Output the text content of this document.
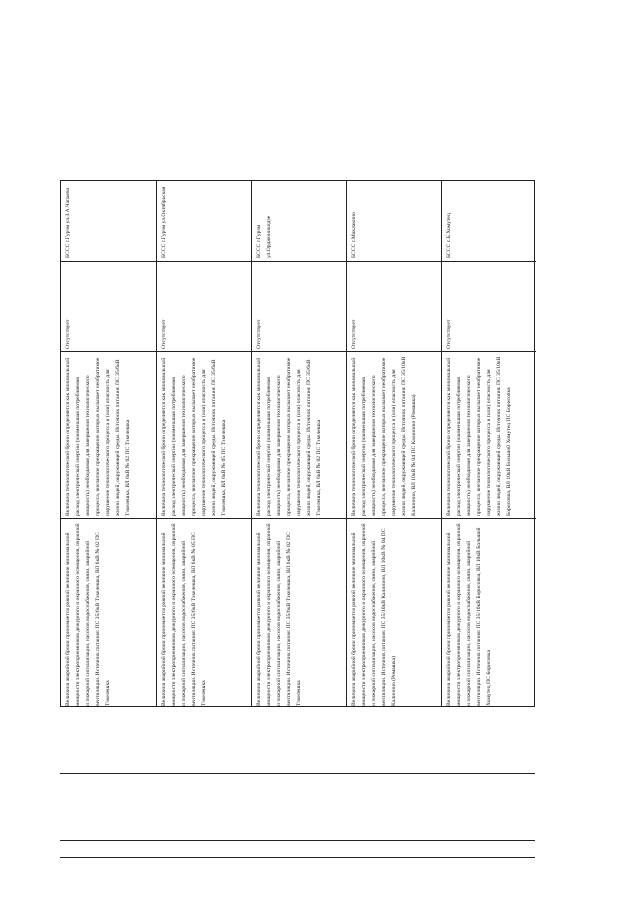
БССС г.Гурзм ул.З.А.Чапаева
Отсутствует
Величина технологической брони определяется как минимальный расход электрической энергии (наименьшая потребляемая мощность) необходимая для завершения технологического процесса, внезапное прекращение которых вызывает необратимое нарушение технологического процесса и (или) опасность для жизни людей, окружающей среды. Источник питания: ПС 35/6кВ Тэкелешка, ВЛ 6кВ № 02 ПС Тэкелешка
Величина аварийной брони принимается равной величине минимальной мощности электроприемников дежурного и охранного освещения, охранной и пожарной сигнализации, насосов водоснабжения, связи, аварийной вентиляции. Источник питания: ПС 35/6кВ Тэкелешка, ВЛ 6кВ № 02 ПС Тэкелешка
БССС г.Гурзм ул.Октябрьская
Отсутствует
Величина технологической брони определяется как минимальный расход электрической энергии (наименьшая потребляемая мощность) необходимая для завершения технологического процесса, внезапное прекращение которых вызывает необратимое нарушение технологического процесса и (или) опасность для жизни людей, окружающей среды. Источник питания: ПС 35/6кВ Тэкелешка, ВЛ 6кВ № 05 ПС Тэкелешка
Величина аварийной брони принимается равной величине минимальной мощности электроприемников дежурного и охранного освещения, охранной и пожарной сигнализации, насосов водоснабжения, связи, аварийной вентиляции. Источник питания: ПС 35/6кВ Тэкелешка, ВЛ 6кВ № 05 ПС Тэкелешка
БССС г.Гурзм ул.Орджоникидзе
Отсутствует
Величина технологической брони определяется как минимальный расход электрической энергии (наименьшая потребляемая мощность) необходимая для завершения технологического процесса, внезапное прекращение которых вызывает необратимое нарушение технологического процесса и (или) опасность для жизни людей, окружающей среды. Источник питания: ПС 35/6кВ Тэкелешка, ВЛ 6кВ № 02 ПС Тэкелешка
Величина аварийной брони принимается равной величине минимальной мощности электроприемников дежурного и охранного освещения, охранной и пожарной сигнализации, насосов водоснабжения, связи, аварийной вентиляции. Источник питания: ПС 35/6кВ Тэкелешка, ВЛ 6кВ № 02 ПС Тэкелешка
БССС г.Маклакино
Отсутствует
Величина технологической брони определяется как минимальный расход электрической энергии (наименьшая потребляемая мощность) необходимая для завершения технологического процесса, внезапное прекращение которых вызывает необратимое нарушение технологического процесса и (или) опасность для жизни людей, окружающей среды. Источник питания: ПС 35/10кВ Калинино, ВЛ 10кВ № 04 ПС Калинино (Ромашка)
Величина аварийной брони принимается равной величине минимальной мощности электроприемников дежурного и охранного освещения, охранной и пожарной сигнализации, насосов водоснабжения, связи, аварийной вентиляции. Источник питания: ПС 35/10кВ Калинино, ВЛ 10кВ № 04 ПС Калинино (Ромашка)
БССС с.Б.Хомутец
Отсутствует
Величина технологической брони определяется как минимальный расход электрической энергии (наименьшая потребляемая мощность) необходимая для завершения технологического процесса, внезапное прекращение которых вызывает необратимое нарушение технологического процесса и (или) опасность для жизни людей, окружающей среды. Источник питания: ПС 35/10кВ Борисовка, ВЛ 10кВ Большой Хомутец ПС Борисовка
Величина аварийной брони принимается равной величине минимальной мощности электроприемников дежурного и охранного освещения, охранной и пожарной сигнализации, насосов водоснабжения, связи, аварийной вентиляции. Источник питания: ПС 35/10кВ Борисовка, ВЛ 10кВ Большой Хомутец ПС Борисовка
